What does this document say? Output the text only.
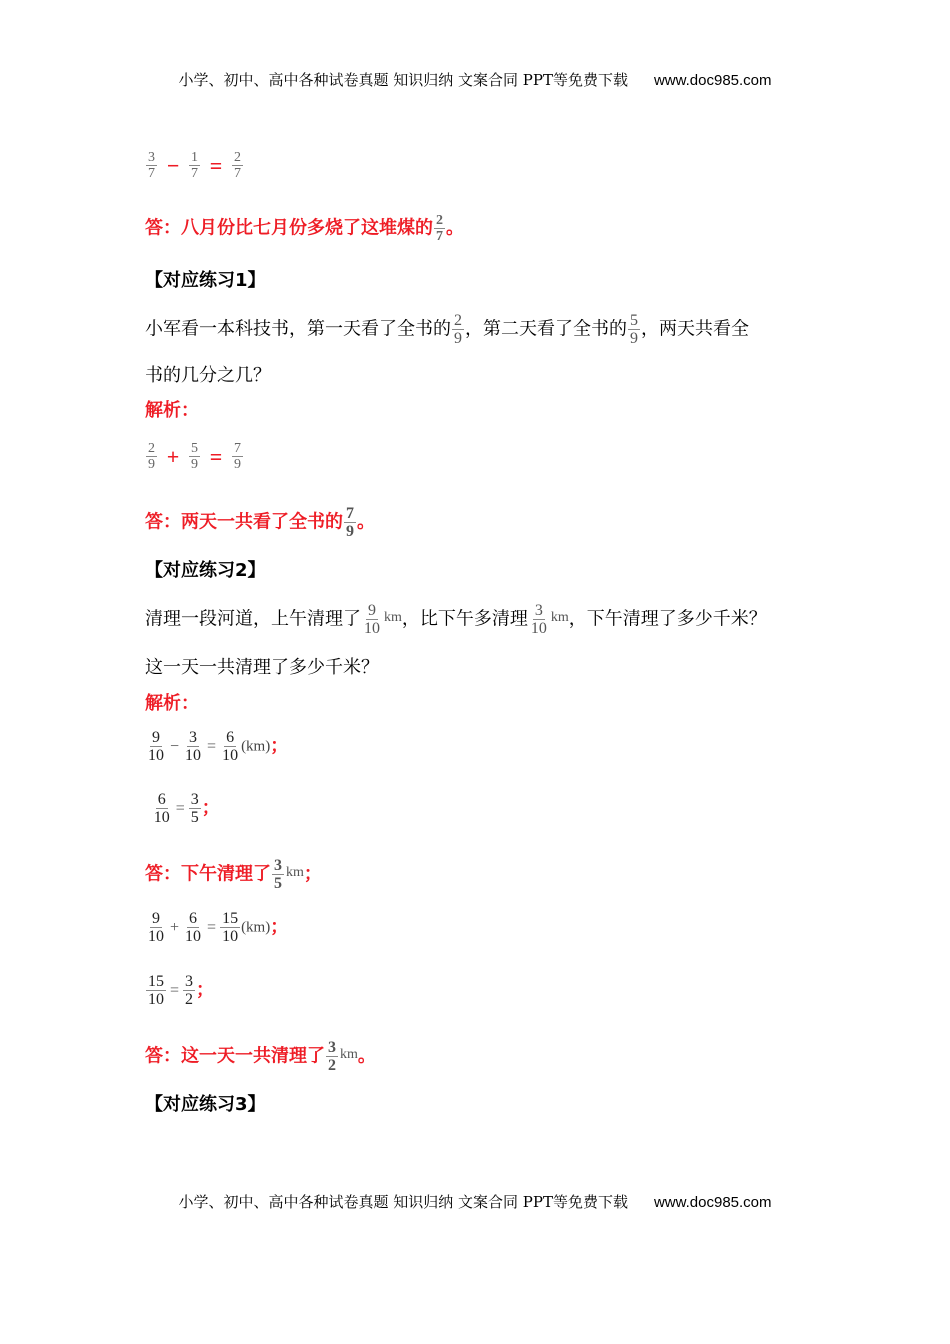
小学、初中、高中各种试卷真题 知识归纳 文案合同 PPT等免费下载 www.doc985.com
$\frac{3}{7} - \frac{1}{7} = \frac{2}{7}$
答：八月份比七月份多烧了这堆煤的 $\frac{2}{7}$ 。
【对应练习1】
小军看一本科技书，第一天看了全书的 $\frac{2}{9}$ ，第二天看了全书的 $\frac{5}{9}$ ，两天共看全
书的几分之几？
解析：
$\frac{2}{9} + \frac{5}{9} = \frac{7}{9}$
答：两天一共看了全书的 $\frac{7}{9}$ 。
【对应练习2】
清理一段河道，上午清理了 $\frac{9}{10} ^{km}$，比下午多清理 $\frac{3}{10} ^{km}$，下午清理了多少千米？
这一天一共清理了多少千米？
解析：
$\frac{9}{10} - \frac{3}{10} = \frac{6}{10} (km)$；

$\frac{6}{10} = \frac{3}{5}$ ；
答：下午清理了 $\frac{3}{5} ^{km}$；
$\frac{9}{10} + \frac{6}{10} = \frac{15}{10} (km)$；
$\frac{15}{10} = \frac{3}{2}$ ；
答：这一天一共清理了 $\frac{3}{2} ^{km}$。
【对应练习3】
小学、初中、高中各种试卷真题 知识归纳 文案合同 PPT等免费下载 www.doc985.com
